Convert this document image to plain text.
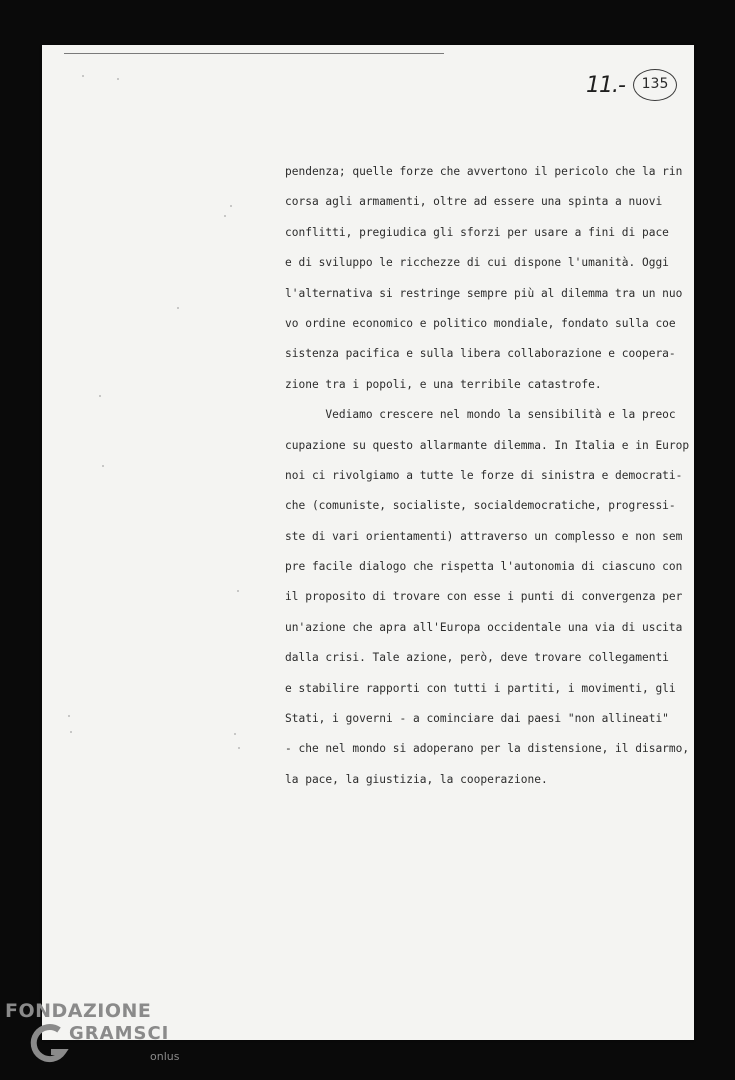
11.-	135
pendenza; quelle forze che avvertono il pericolo che la rin
corsa agli armamenti, oltre ad essere una spinta a nuovi
conflitti, pregiudica gli sforzi per usare a fini di pace
e di sviluppo le ricchezze di cui dispone l'umanità. Oggi
l'alternativa si restringe sempre più al dilemma tra un nuo
vo ordine economico e politico mondiale, fondato sulla coe
sistenza pacifica e sulla libera collaborazione e coopera-
zione tra i popoli, e una terribile catastrofe.
Vediamo crescere nel mondo la sensibilità e la preoc
cupazione su questo allarmante dilemma. In Italia e in Europ
noi ci rivolgiamo a tutte le forze di sinistra e democrati-
che (comuniste, socialiste, socialdemocratiche, progressi-
ste di vari orientamenti) attraverso un complesso e non sem
pre facile dialogo che rispetta l'autonomia di ciascuno con
il proposito di trovare con esse i punti di convergenza per
un'azione che apra all'Europa occidentale una via di uscita
dalla crisi. Tale azione, però, deve trovare collegamenti
e stabilire rapporti con tutti i partiti, i movimenti, gli
Stati, i governi - a cominciare dai paesi "non allineati"
- che nel mondo si adoperano per la distensione, il disarmo,
la pace, la giustizia, la cooperazione.
FONDAZIONE
GRAMSCI
onlus
